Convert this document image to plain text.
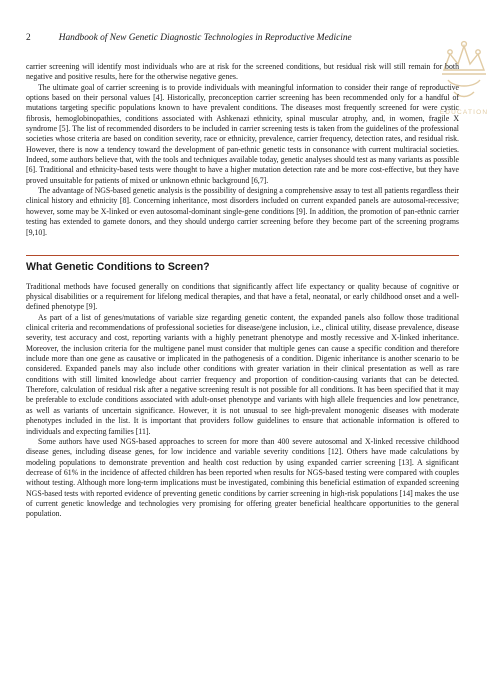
2	Handbook of New Genetic Diagnostic Technologies in Reproductive Medicine
EDUCATION

carrier screening will identify most individuals who are at risk for the screened conditions, but residual risk will still remain for both negative and positive results, here for the otherwise negative genes.

The ultimate goal of carrier screening is to provide individuals with meaningful information to consider their range of reproductive options based on their personal values [4]. Historically, preconception carrier screening has been recommended only for a handful of mutations targeting specific populations known to have prevalent conditions. The diseases most frequently screened for were cystic fibrosis, hemoglobinopathies, conditions associated with Ashkenazi ethnicity, spinal muscular atrophy, and, in women, fragile X syndrome [5]. The list of recommended disorders to be included in carrier screening tests is taken from the guidelines of the professional societies whose criteria are based on condition severity, race or ethnicity, prevalence, carrier frequency, detection rates, and residual risk. However, there is now a tendency toward the development of pan-ethnic genetic tests in consonance with current multiracial societies. Indeed, some authors believe that, with the tools and techniques available today, genetic analyses should test as many variants as possible [6]. Traditional and ethnicity-based tests were thought to have a higher mutation detection rate and be more cost-effective, but they have proved unsuitable for patients of mixed or unknown ethnic background [6,7].

The advantage of NGS-based genetic analysis is the possibility of designing a comprehensive assay to test all patients regardless their clinical history and ethnicity [8]. Concerning inheritance, most disorders included on current expanded panels are autosomal-recessive; however, some may be X-linked or even autosomal-dominant single-gene conditions [9]. In addition, the promotion of pan-ethnic carrier testing has extended to gamete donors, and they should undergo carrier screening before they become part of the screening programs [9,10].

What Genetic Conditions to Screen?

Traditional methods have focused generally on conditions that significantly affect life expectancy or quality because of cognitive or physical disabilities or a requirement for lifelong medical therapies, and that have a fetal, neonatal, or early childhood onset and a well-defined phenotype [9].

As part of a list of genes/mutations of variable size regarding genetic content, the expanded panels also follow those traditional clinical criteria and recommendations of professional societies for disease/gene inclusion, i.e., clinical utility, disease prevalence, disease severity, test accuracy and cost, reporting variants with a highly penetrant phenotype and mostly recessive and X-linked inheritance. Moreover, the inclusion criteria for the multigene panel must consider that multiple genes can cause a specific condition and therefore include more than one gene as causative or implicated in the pathogenesis of a condition. Digenic inheritance is another scenario to be considered. Expanded panels may also include other conditions with greater variation in their clinical presentation as well as rare conditions with still limited knowledge about carrier frequency and proportion of condition-causing variants that can be detected. Therefore, calculation of residual risk after a negative screening result is not possible for all conditions. It has been specified that it may be preferable to exclude conditions associated with adult-onset phenotype and variants with high allele frequencies and low penetrance, as well as variants of uncertain significance. However, it is not unusual to see high-prevalent monogenic diseases with moderate phenotypes included in the list. It is important that providers follow guidelines to ensure that actionable information is offered to individuals and expecting families [11].

Some authors have used NGS-based approaches to screen for more than 400 severe autosomal and X-linked recessive childhood disease genes, including disease genes, for low incidence and variable severity conditions [12]. Others have made calculations by modeling populations to demonstrate prevention and health cost reduction by using expanded carrier screening [13]. A significant decrease of 61% in the incidence of affected children has been reported when results for NGS-based testing were compared with couples without testing. Although more long-term implications must be investigated, combining this beneficial estimation of expanded screening NGS-based tests with reported evidence of preventing genetic conditions by carrier screening in high-risk populations [14] makes the use of current genetic knowledge and technologies very promising for offering greater beneficial healthcare opportunities to the general population.
